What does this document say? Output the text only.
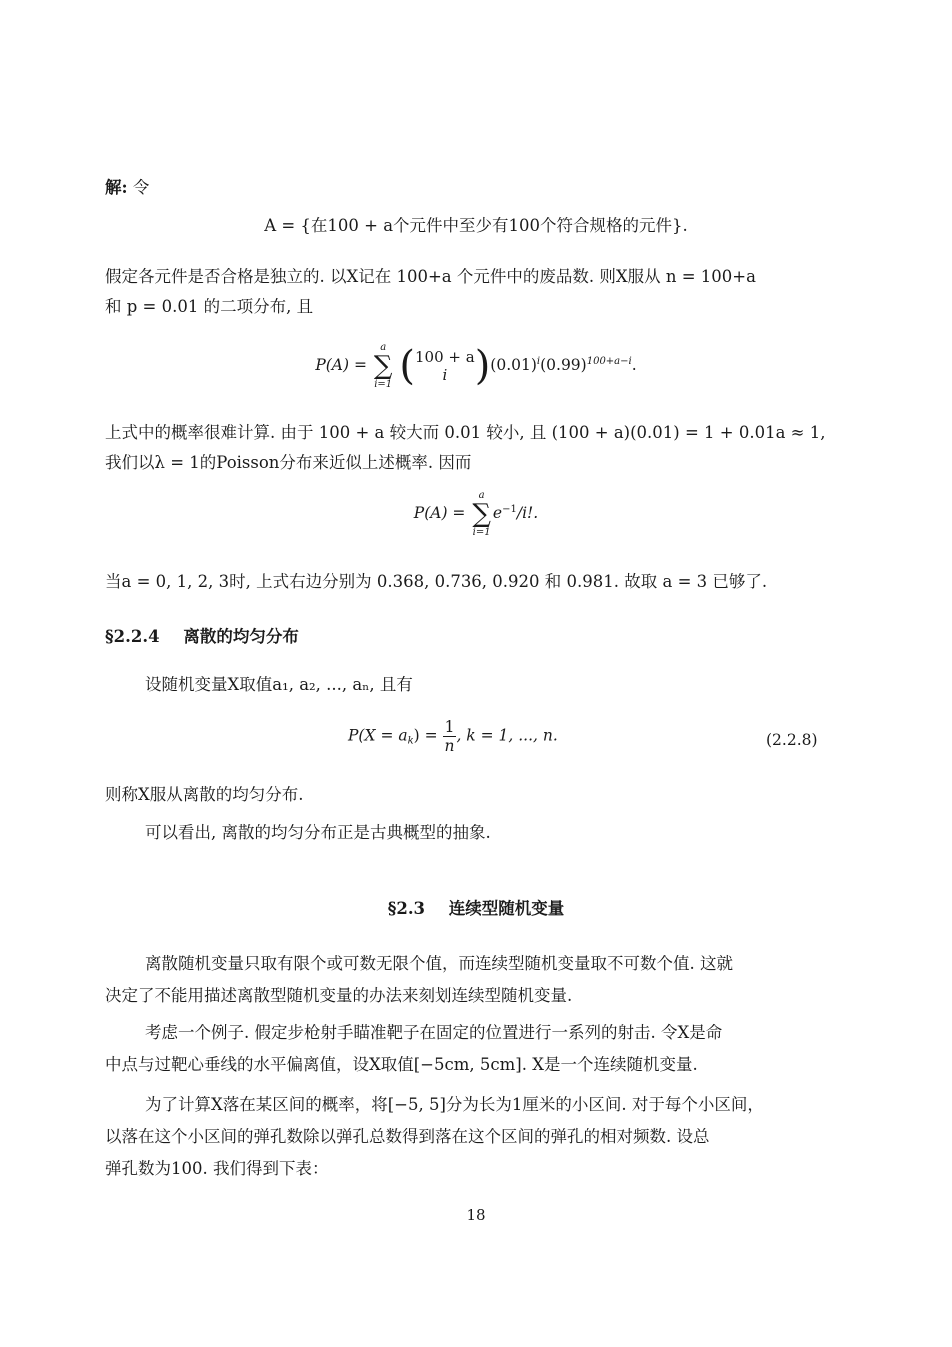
解: 令
A = {在100 + a个元件中至少有100个符合规格的元件}.
假定各元件是否合格是独立的. 以X记在 100+a 个元件中的废品数. 则X服从 n = 100+a
和 p = 0.01 的二项分布, 且
P(A) =
a
∑
i=1 ( 100 + a
i )$(0.01)^i(0.99)^{100+a-i}$.
上式中的概率很难计算. 由于 100 + a 较大而 0.01 较小, 且 (100 + a)(0.01) = 1 + 0.01a ≈ 1,
我们以λ = 1的Poisson分布来近似上述概率. 因而
P(A) =
a
∑
i=1
$e^{-1}/i$!.
当a = 0, 1, 2, 3时, 上式右边分别为 0.368, 0.736, 0.920 和 0.981. 故取 a = 3 已够了.
§2.2.4 离散的均匀分布
设随机变量X取值a₁, a₂, ..., aₙ, 且有
$P(X = a_k) = \frac{1}{n}$ , k = 1, ..., n.	(2.2.8)
则称X服从离散的均匀分布.
可以看出, 离散的均匀分布正是古典概型的抽象.
§2.3 连续型随机变量
离散随机变量只取有限个或可数无限个值，而连续型随机变量取不可数个值. 这就
决定了不能用描述离散型随机变量的办法来刻划连续型随机变量.
考虑一个例子. 假定步枪射手瞄准靶子在固定的位置进行一系列的射击. 令X是命
中点与过靶心垂线的水平偏离值，设X取值[−5cm, 5cm]. X是一个连续随机变量.
为了计算X落在某区间的概率，将[−5, 5]分为长为1厘米的小区间. 对于每个小区间，
以落在这个小区间的弹孔数除以弹孔总数得到落在这个区间的弹孔的相对频数. 设总
弹孔数为100. 我们得到下表：
18
